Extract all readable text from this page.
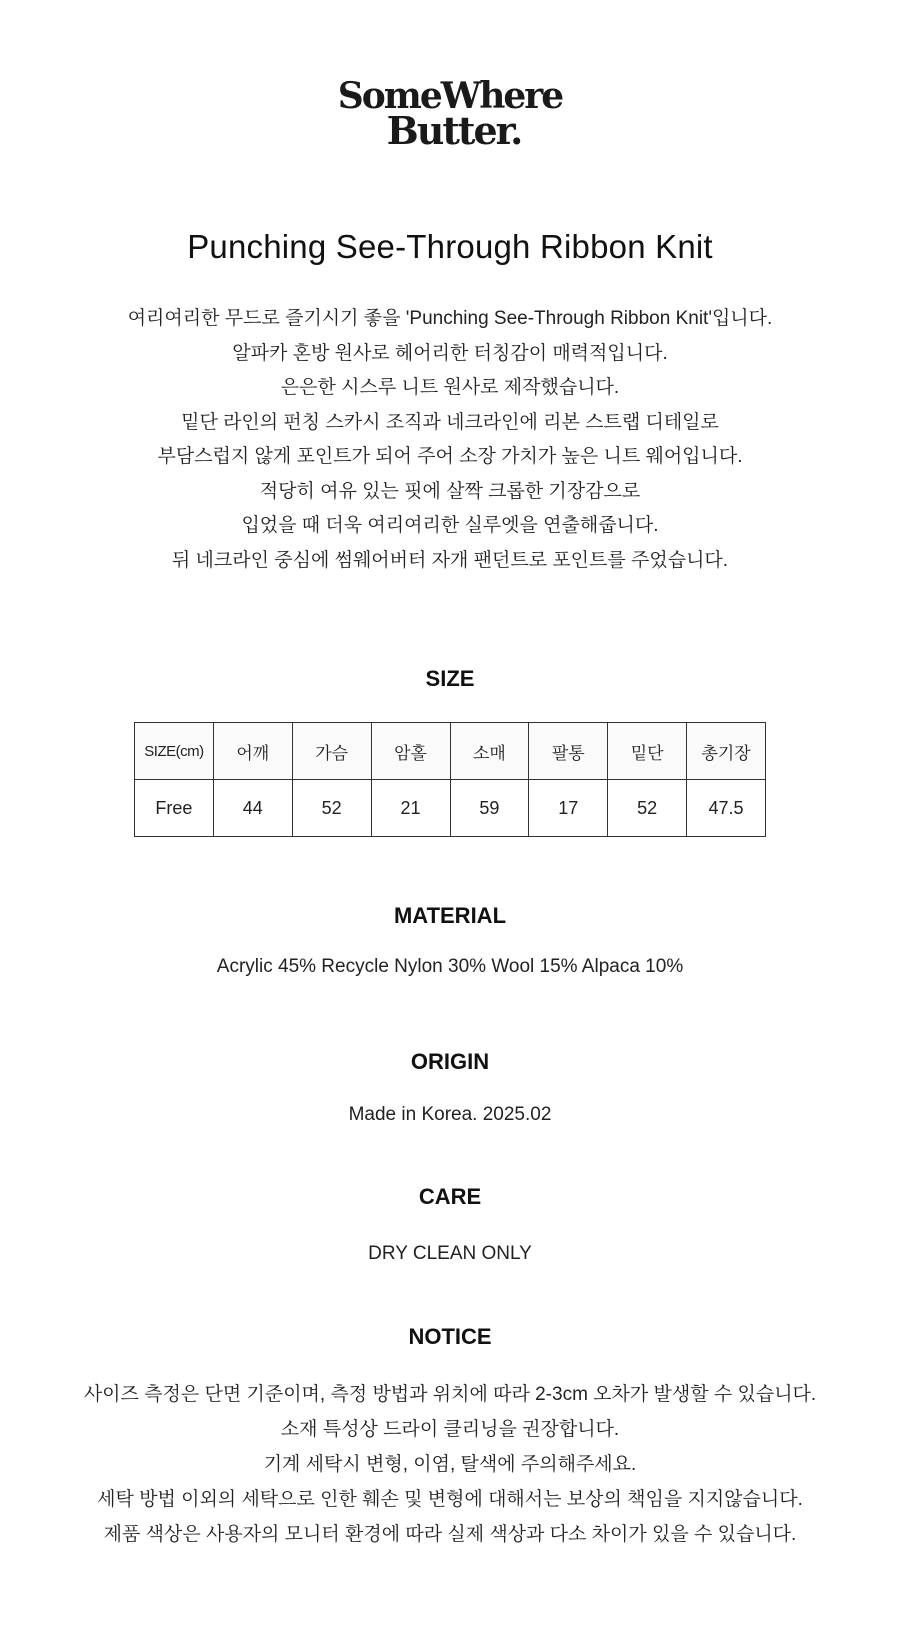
SomeWhere
Butter.
Punching See-Through Ribbon Knit
여리여리한 무드로 즐기시기 좋을 'Punching See-Through Ribbon Knit'입니다.
알파카 혼방 원사로 헤어리한 터칭감이 매력적입니다.
은은한 시스루 니트 원사로 제작했습니다.
밑단 라인의 펀칭 스카시 조직과 네크라인에 리본 스트랩 디테일로
부담스럽지 않게 포인트가 되어 주어 소장 가치가 높은 니트 웨어입니다.
적당히 여유 있는 핏에 살짝 크롭한 기장감으로
입었을 때 더욱 여리여리한 실루엣을 연출해줍니다.
뒤 네크라인 중심에 썸웨어버터 자개 팬던트로 포인트를 주었습니다.
SIZE
SIZE(cm)	어깨	가슴	암홀	소매	팔통	밑단	총기장
Free	44	52	21	59	17	52	47.5
MATERIAL
Acrylic 45% Recycle Nylon 30% Wool 15% Alpaca 10%
ORIGIN
Made in Korea. 2025.02
CARE
DRY CLEAN ONLY
NOTICE
사이즈 측정은 단면 기준이며, 측정 방법과 위치에 따라 2-3cm 오차가 발생할 수 있습니다.
소재 특성상 드라이 클리닝을 권장합니다.
기계 세탁시 변형, 이염, 탈색에 주의해주세요.
세탁 방법 이외의 세탁으로 인한 훼손 및 변형에 대해서는 보상의 책임을 지지않습니다.
제품 색상은 사용자의 모니터 환경에 따라 실제 색상과 다소 차이가 있을 수 있습니다.
